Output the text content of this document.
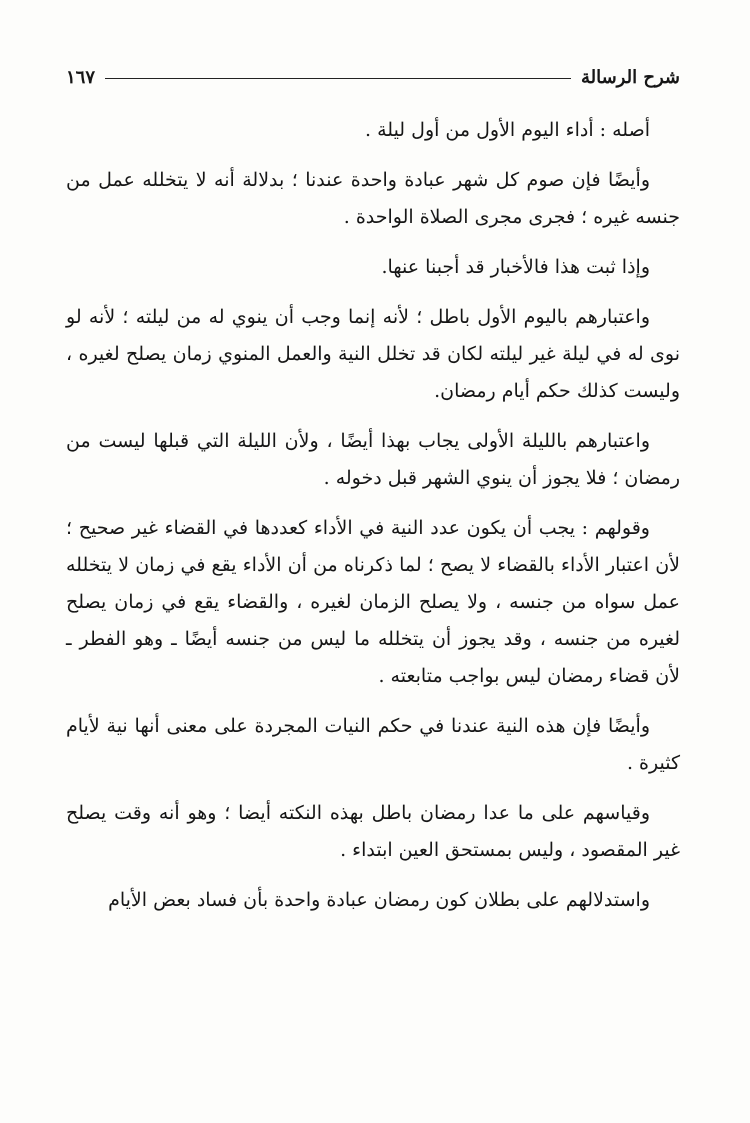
شرح الرسالة
١٦٧

أصله : أداء اليوم الأول من أول ليلة .

وأيضًا فإن صوم كل شهر عبادة واحدة عندنا ؛ بدلالة أنه لا يتخلله عمل من جنسه غيره ؛ فجرى مجرى الصلاة الواحدة .

وإذا ثبت هذا فالأخبار قد أجبنا عنها.

واعتبارهم باليوم الأول باطل ؛ لأنه إنما وجب أن ينوي له من ليلته ؛ لأنه لو نوى له في ليلة غير ليلته لكان قد تخلل النية والعمل المنوي زمان يصلح لغيره ، وليست كذلك حكم أيام رمضان.

واعتبارهم بالليلة الأولى يجاب بهذا أيضًا ، ولأن الليلة التي قبلها ليست من رمضان ؛ فلا يجوز أن ينوي الشهر قبل دخوله .

وقولهم : يجب أن يكون عدد النية في الأداء كعددها في القضاء غير صحيح ؛ لأن اعتبار الأداء بالقضاء لا يصح ؛ لما ذكرناه من أن الأداء يقع في زمان لا يتخلله عمل سواه من جنسه ، ولا يصلح الزمان لغيره ، والقضاء يقع في زمان يصلح لغيره من جنسه ، وقد يجوز أن يتخلله ما ليس من جنسه أيضًا ـ وهو الفطر ـ لأن قضاء رمضان ليس بواجب متابعته .

وأيضًا فإن هذه النية عندنا في حكم النيات المجردة على معنى أنها نية لأيام كثيرة .

وقياسهم على ما عدا رمضان باطل بهذه النكته أيضا ؛ وهو أنه وقت يصلح غير المقصود ، وليس بمستحق العين ابتداء .

واستدلالهم على بطلان كون رمضان عبادة واحدة بأن فساد بعض الأيام
